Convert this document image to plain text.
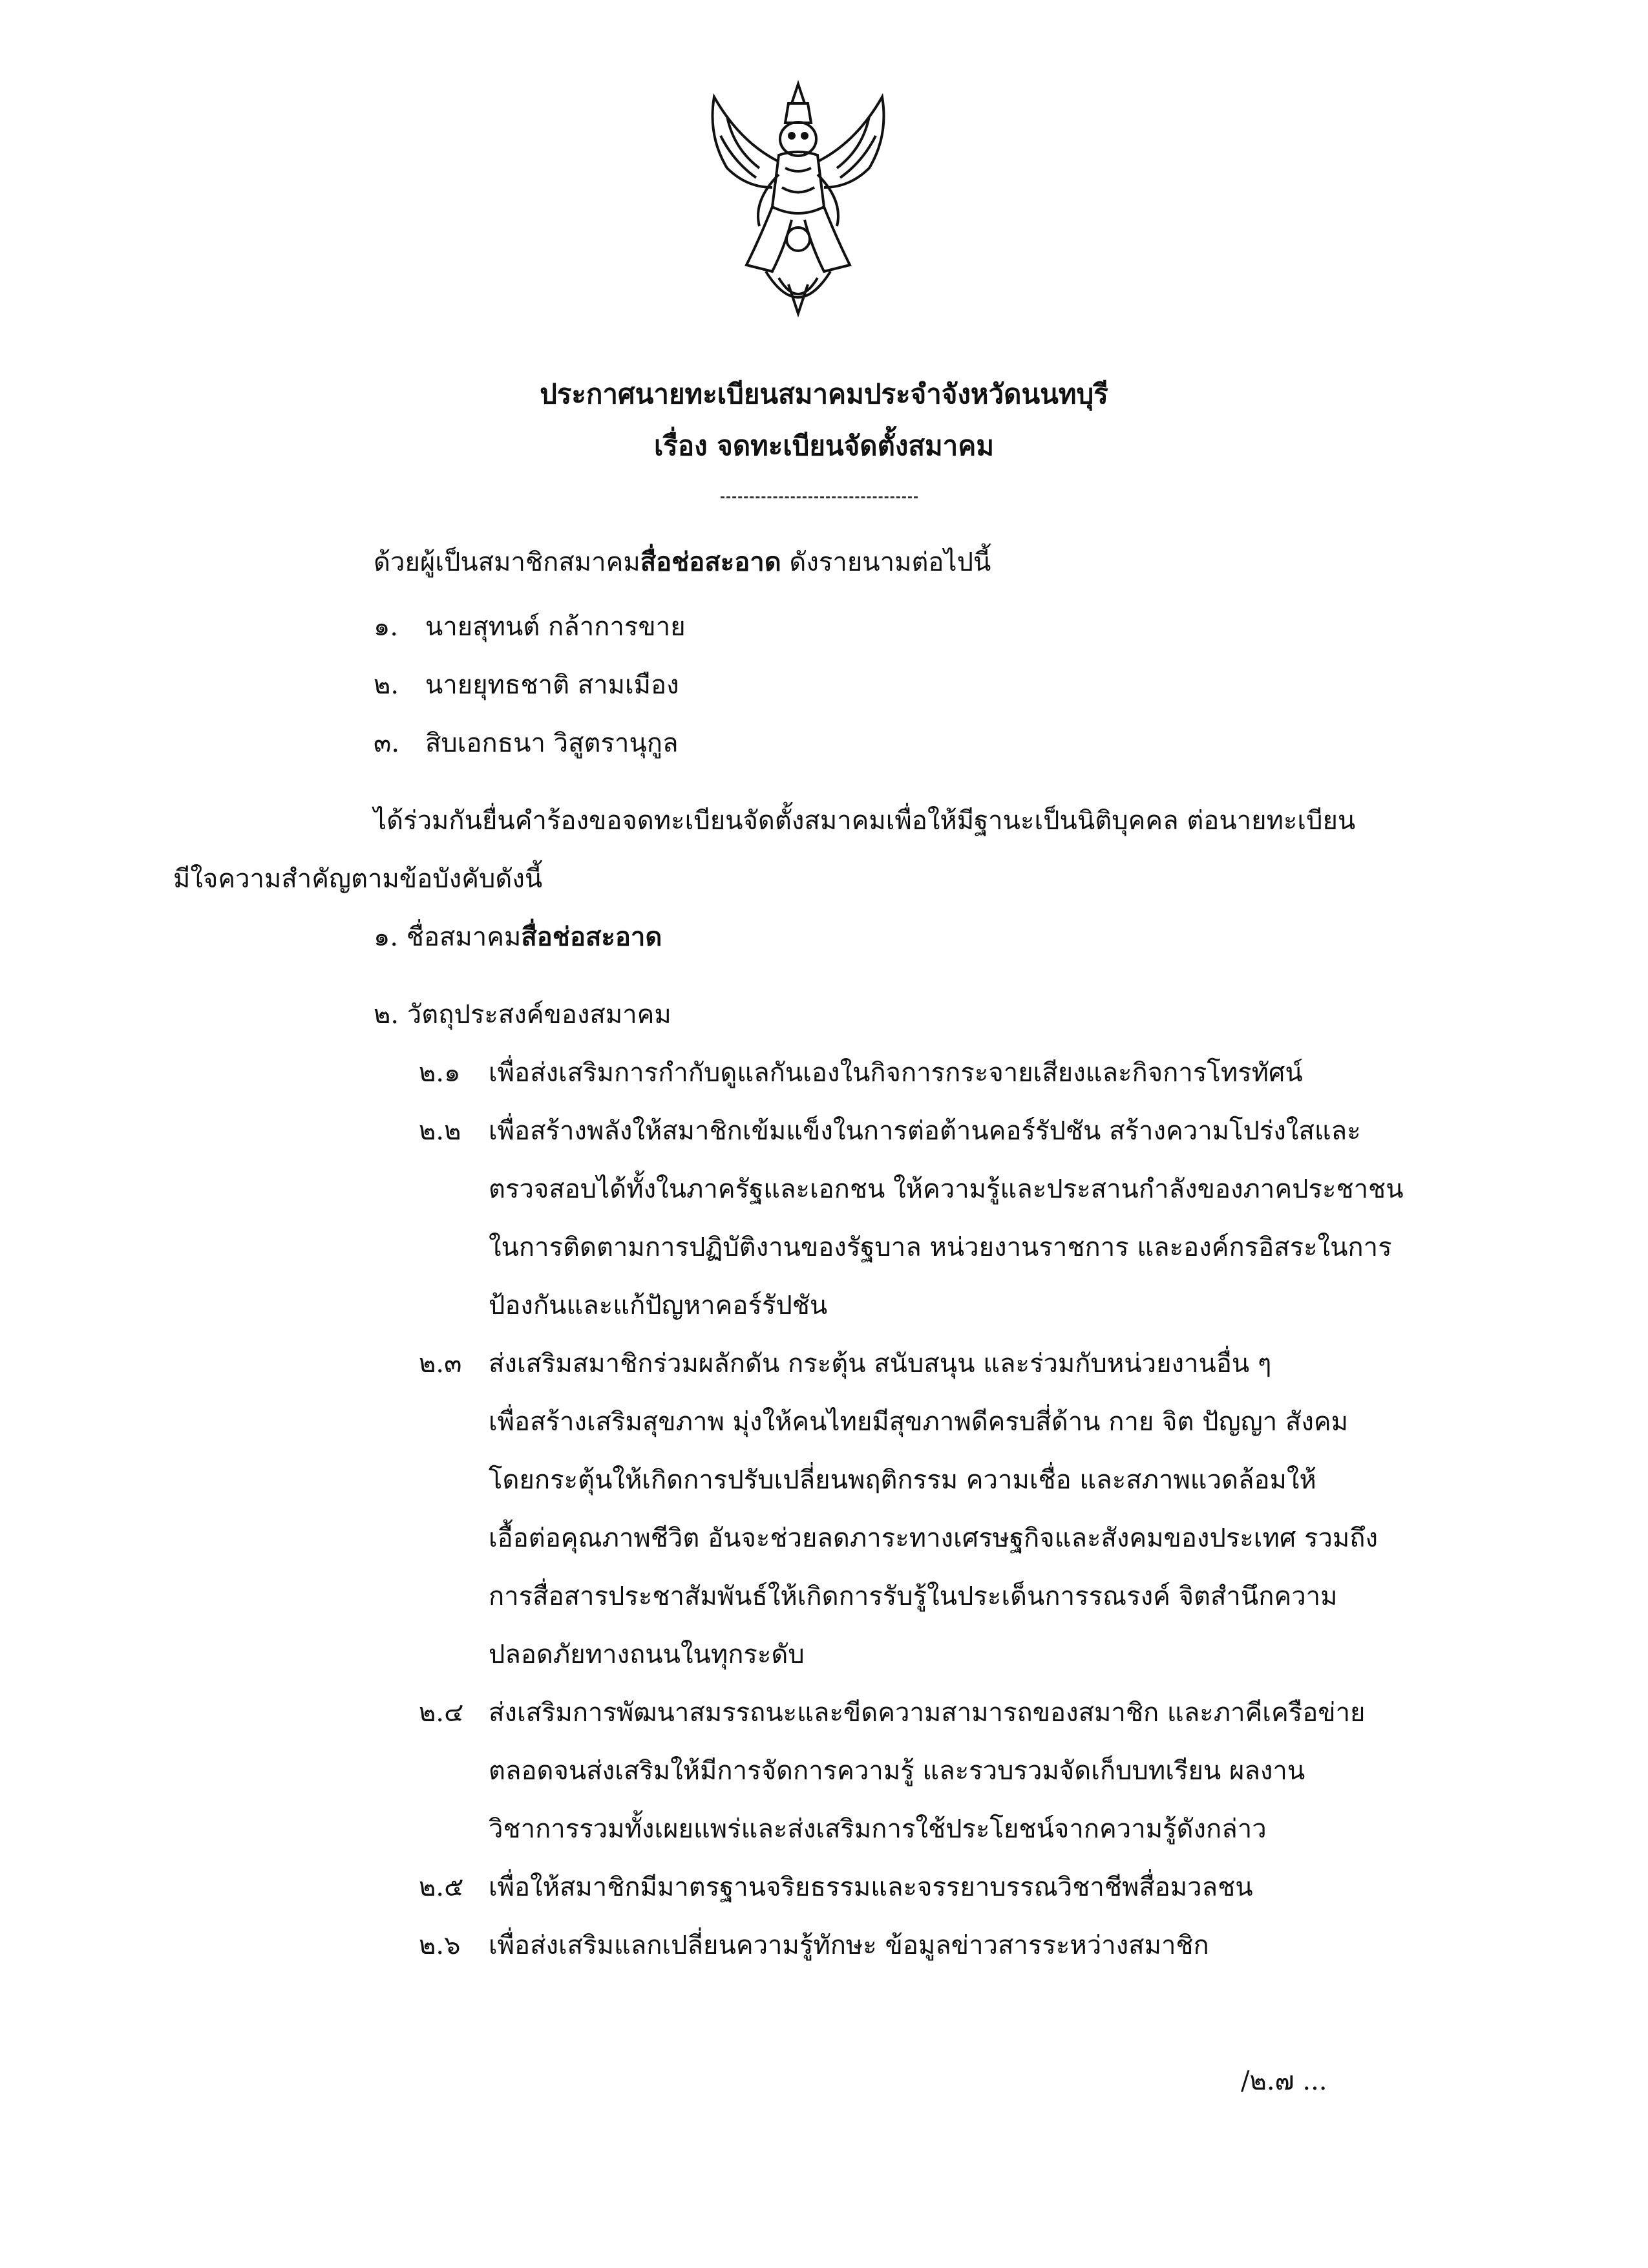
ประกาศนายทะเบียนสมาคมประจำจังหวัดนนทบุรี
เรื่อง จดทะเบียนจัดตั้งสมาคม
ด้วยผู้เป็นสมาชิกสมาคมสื่อช่อสะอาด ดังรายนามต่อไปนี้
๑. นายสุทนต์ กล้าการขาย
๒. นายยุทธชาติ สามเมือง
๓. สิบเอกธนา วิสูตรานุกูล
ได้ร่วมกันยื่นคำร้องขอจดทะเบียนจัดตั้งสมาคมเพื่อให้มีฐานะเป็นนิติบุคคล ต่อนายทะเบียน
มีใจความสำคัญตามข้อบังคับดังนี้
๑. ชื่อสมาคมสื่อช่อสะอาด
๒. วัตถุประสงค์ของสมาคม
๒.๑ เพื่อส่งเสริมการกำกับดูแลกันเองในกิจการกระจายเสียงและกิจการโทรทัศน์
๒.๒ เพื่อสร้างพลังให้สมาชิกเข้มแข็งในการต่อต้านคอร์รัปชัน สร้างความโปร่งใสและ
ตรวจสอบได้ทั้งในภาครัฐและเอกชน ให้ความรู้และประสานกำลังของภาคประชาชน
ในการติดตามการปฏิบัติงานของรัฐบาล หน่วยงานราชการ และองค์กรอิสระในการ
ป้องกันและแก้ปัญหาคอร์รัปชัน
๒.๓ ส่งเสริมสมาชิกร่วมผลักดัน กระตุ้น สนับสนุน และร่วมกับหน่วยงานอื่น ๆ
เพื่อสร้างเสริมสุขภาพ มุ่งให้คนไทยมีสุขภาพดีครบสี่ด้าน กาย จิต ปัญญา สังคม
โดยกระตุ้นให้เกิดการปรับเปลี่ยนพฤติกรรม ความเชื่อ และสภาพแวดล้อมให้
เอื้อต่อคุณภาพชีวิต อันจะช่วยลดภาระทางเศรษฐกิจและสังคมของประเทศ รวมถึง
การสื่อสารประชาสัมพันธ์ให้เกิดการรับรู้ในประเด็นการรณรงค์ จิตสำนึกความ
ปลอดภัยทางถนนในทุกระดับ
๒.๔ ส่งเสริมการพัฒนาสมรรถนะและขีดความสามารถของสมาชิก และภาคีเครือข่าย
ตลอดจนส่งเสริมให้มีการจัดการความรู้ และรวบรวมจัดเก็บบทเรียน ผลงาน
วิชาการรวมทั้งเผยแพร่และส่งเสริมการใช้ประโยชน์จากความรู้ดังกล่าว
๒.๕ เพื่อให้สมาชิกมีมาตรฐานจริยธรรมและจรรยาบรรณวิชาชีพสื่อมวลชน
๒.๖ เพื่อส่งเสริมแลกเปลี่ยนความรู้ทักษะ ข้อมูลข่าวสารระหว่างสมาชิก
/๒.๗ ...
